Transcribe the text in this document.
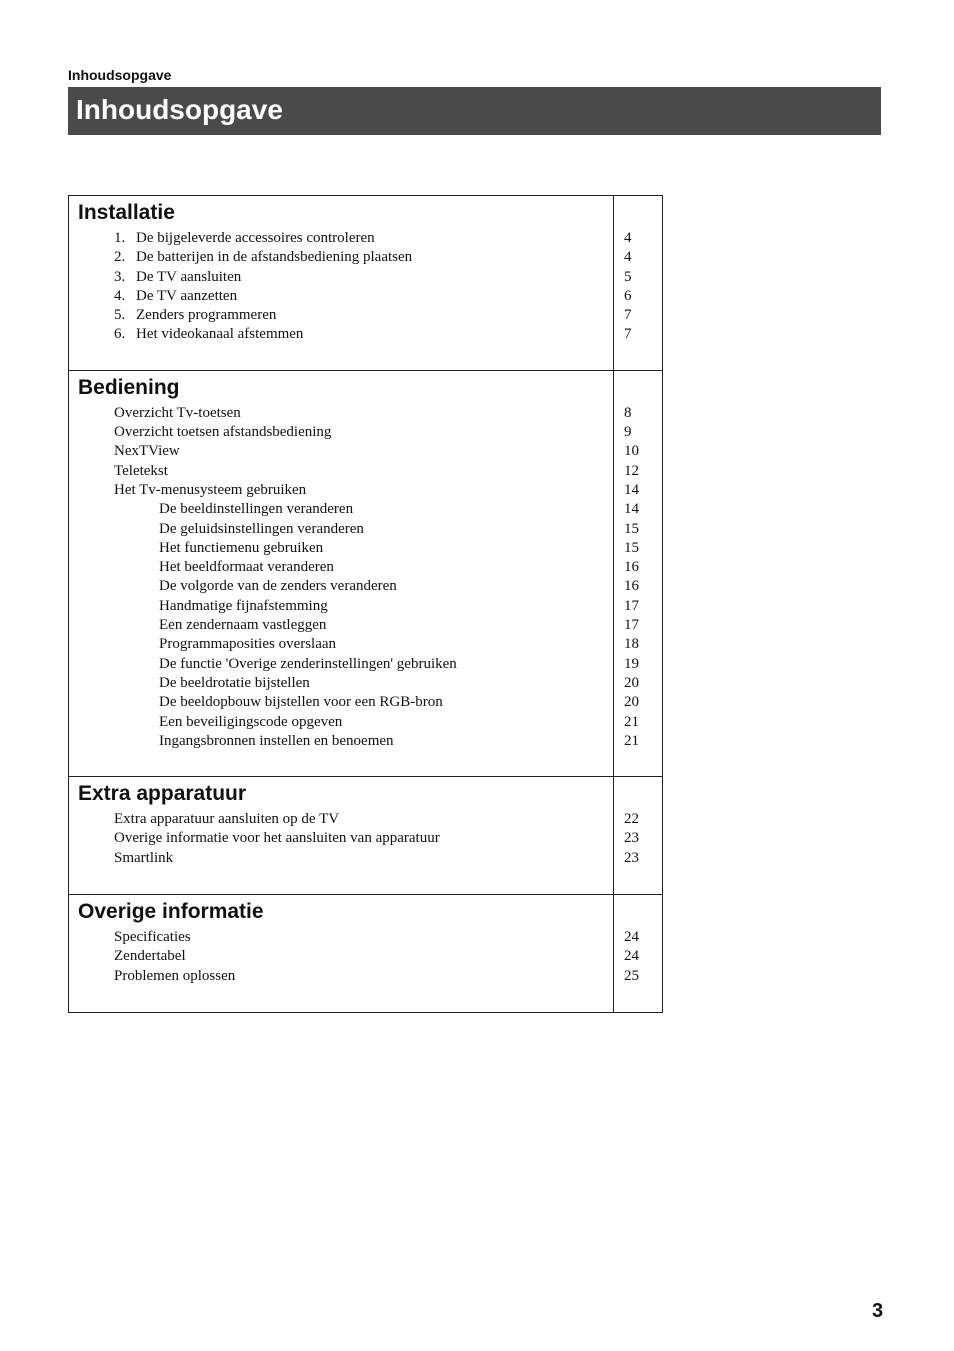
Inhoudsopgave
Inhoudsopgave
Installatie
1. De bijgeleverde accessoires controleren
2. De batterijen in de afstandsbediening plaatsen
3. De TV aansluiten
4. De TV aanzetten
5. Zenders programmeren
6. Het videokanaal afstemmen
4
4
5
6
7
7
Bediening
Overzicht Tv-toetsen
Overzicht toetsen afstandsbediening
NexTView
Teletekst
Het Tv-menusysteem gebruiken
De beeldinstellingen veranderen
De geluidsinstellingen veranderen
Het functiemenu gebruiken
Het beeldformaat veranderen
De volgorde van de zenders veranderen
Handmatige fijnafstemming
Een zendernaam vastleggen
Programmaposities overslaan
De functie 'Overige zenderinstellingen' gebruiken
De beeldrotatie bijstellen
De beeldopbouw bijstellen voor een RGB-bron
Een beveiligingscode opgeven
Ingangsbronnen instellen en benoemen
8
9
10
12
14
14
15
15
16
16
17
17
18
19
20
20
21
21
Extra apparatuur
Extra apparatuur aansluiten op de TV
Overige informatie voor het aansluiten van apparatuur
Smartlink
22
23
23
Overige informatie
Specificaties
Zendertabel
Problemen oplossen
24
24
25
3
